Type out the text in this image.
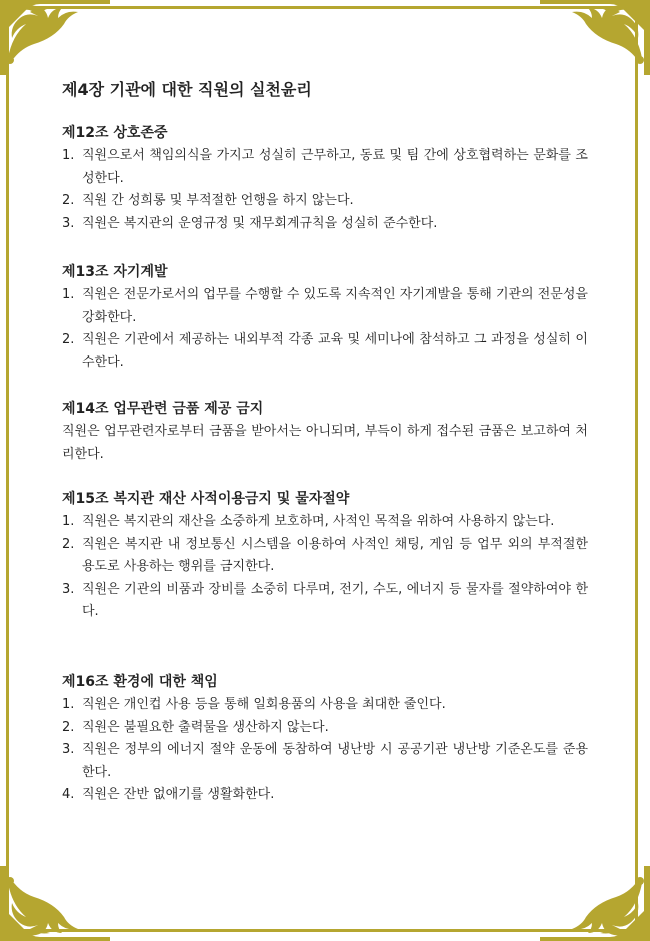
제4장 기관에 대한 직원의 실천윤리
제12조 상호존중
1. 직원으로서 책임의식을 가지고 성실히 근무하고, 동료 및 팀 간에 상호협력하는 문화를 조성한다.
2. 직원 간 성희롱 및 부적절한 언행을 하지 않는다.
3. 직원은 복지관의 운영규정 및 재무회계규칙을 성실히 준수한다.
제13조 자기계발
1. 직원은 전문가로서의 업무를 수행할 수 있도록 지속적인 자기계발을 통해 기관의 전문성을 강화한다.
2. 직원은 기관에서 제공하는 내외부적 각종 교육 및 세미나에 참석하고 그 과정을 성실히 이수한다.
제14조 업무관련 금품 제공 금지
직원은 업무관련자로부터 금품을 받아서는 아니되며, 부득이 하게 접수된 금품은 보고하여 처리한다.
제15조 복지관 재산 사적이용금지 및 물자절약
1. 직원은 복지관의 재산을 소중하게 보호하며, 사적인 목적을 위하여 사용하지 않는다.
2. 직원은 복지관 내 정보통신 시스템을 이용하여 사적인 채팅, 게임 등 업무 외의 부적절한 용도로 사용하는 행위를 금지한다.
3. 직원은 기관의 비품과 장비를 소중히 다루며, 전기, 수도, 에너지 등 물자를 절약하여야 한다.
제16조 환경에 대한 책임
1. 직원은 개인컵 사용 등을 통해 일회용품의 사용을 최대한 줄인다.
2. 직원은 불필요한 출력물을 생산하지 않는다.
3. 직원은 정부의 에너지 절약 운동에 동참하여 냉난방 시 공공기관 냉난방 기준온도를 준용한다.
4. 직원은 잔반 없애기를 생활화한다.
